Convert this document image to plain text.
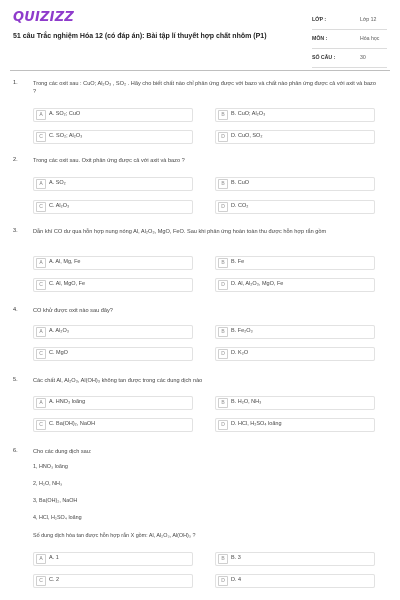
QUIZIZZ
51 câu Trắc nghiệm Hóa 12 (có đáp án): Bài tập lí thuyết hợp chất nhôm (P1)
LỚP :	Lớp 12
MÔN :	Hóa học
SỐ CÂU :	30
1.	Trong các oxit sau : CuO; Al₂O₃ , SO₂ . Hãy cho biết chất nào chỉ phản ứng được với bazo và chất nào phản ứng được cả với axit và bazo ?
A	A. SO₂; CuO	B	B. CuO; Al₂O₃
C	C. SO₂; Al₂O₃	D	D. CuO, SO₂
2.	Trong các oxit sau. Oxit phản ứng được cả với axit và bazo ?
A	A. SO₂	B	B. CuO
C	C. Al₂O₃	D	D. CO₂
3.	Dẫn khí CO dư qua hỗn hợp nung nóng Al, Al₂O₃, MgO, FeO. Sau khi phản ứng hoàn toàn thu được hỗn hợp rắn gồm
A	A. Al, Mg, Fe	B	B. Fe
C	C. Al, MgO, Fe	D	D. Al, Al₂O₃, MgO, Fe
4.	CO khử được oxit nào sau đây?
A	A. Al₂O₃	B	B. Fe₂O₃
C	C. MgO	D	D. K₂O
5.	Các chất Al, Al₂O₃, Al(OH)₃ không tan được trong các dung dịch nào
A	A. HNO₃ loãng	B	B. H₂O, NH₃
C	C. Ba(OH)₂, NaOH	D	D. HCl, H₂SO₄ loãng
6.	Cho các dung dịch sau:
1, HNO₃ loãng
2, H₂O, NH₃
3, Ba(OH)₂, NaOH
4, HCl, H₂SO₄ loãng
Số dung dịch hòa tan được hỗn hợp rắn X gồm: Al, Al₂O₃, Al(OH)₃ ?
A	A. 1	B	B. 3
C	C. 2	D	D. 4
